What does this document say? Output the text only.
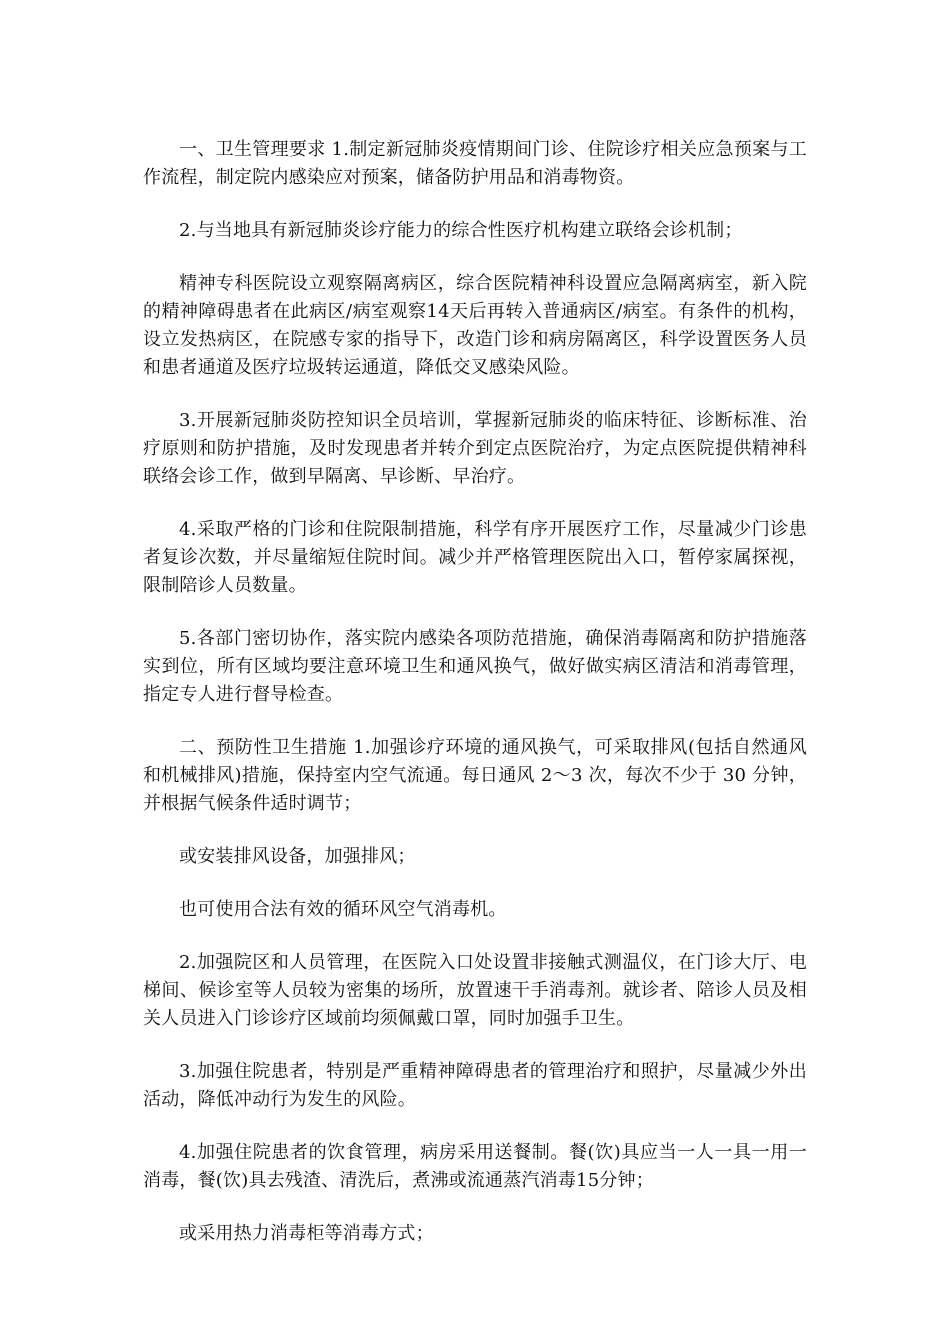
一、卫生管理要求 1.制定新冠肺炎疫情期间门诊、住院诊疗相关应急预案与工作流程，制定院内感染应对预案，储备防护用品和消毒物资。

2.与当地具有新冠肺炎诊疗能力的综合性医疗机构建立联络会诊机制；

精神专科医院设立观察隔离病区，综合医院精神科设置应急隔离病室，新入院的精神障碍患者在此病区/病室观察14天后再转入普通病区/病室。有条件的机构，设立发热病区，在院感专家的指导下，改造门诊和病房隔离区，科学设置医务人员和患者通道及医疗垃圾转运通道，降低交叉感染风险。

3.开展新冠肺炎防控知识全员培训，掌握新冠肺炎的临床特征、诊断标准、治疗原则和防护措施，及时发现患者并转介到定点医院治疗，为定点医院提供精神科联络会诊工作，做到早隔离、早诊断、早治疗。

4.采取严格的门诊和住院限制措施，科学有序开展医疗工作，尽量减少门诊患者复诊次数，并尽量缩短住院时间。减少并严格管理医院出入口，暂停家属探视，限制陪诊人员数量。

5.各部门密切协作，落实院内感染各项防范措施，确保消毒隔离和防护措施落实到位，所有区域均要注意环境卫生和通风换气，做好做实病区清洁和消毒管理，指定专人进行督导检查。

二、预防性卫生措施 1.加强诊疗环境的通风换气，可采取排风(包括自然通风和机械排风)措施，保持室内空气流通。每日通风 2～3 次，每次不少于 30 分钟，并根据气候条件适时调节；

或安装排风设备，加强排风；

也可使用合法有效的循环风空气消毒机。

2.加强院区和人员管理，在医院入口处设置非接触式测温仪，在门诊大厅、电梯间、候诊室等人员较为密集的场所，放置速干手消毒剂。就诊者、陪诊人员及相关人员进入门诊诊疗区域前均须佩戴口罩，同时加强手卫生。

3.加强住院患者，特别是严重精神障碍患者的管理治疗和照护，尽量减少外出活动，降低冲动行为发生的风险。

4.加强住院患者的饮食管理，病房采用送餐制。餐(饮)具应当一人一具一用一消毒，餐(饮)具去残渣、清洗后，煮沸或流通蒸汽消毒15分钟；

或采用热力消毒柜等消毒方式；
